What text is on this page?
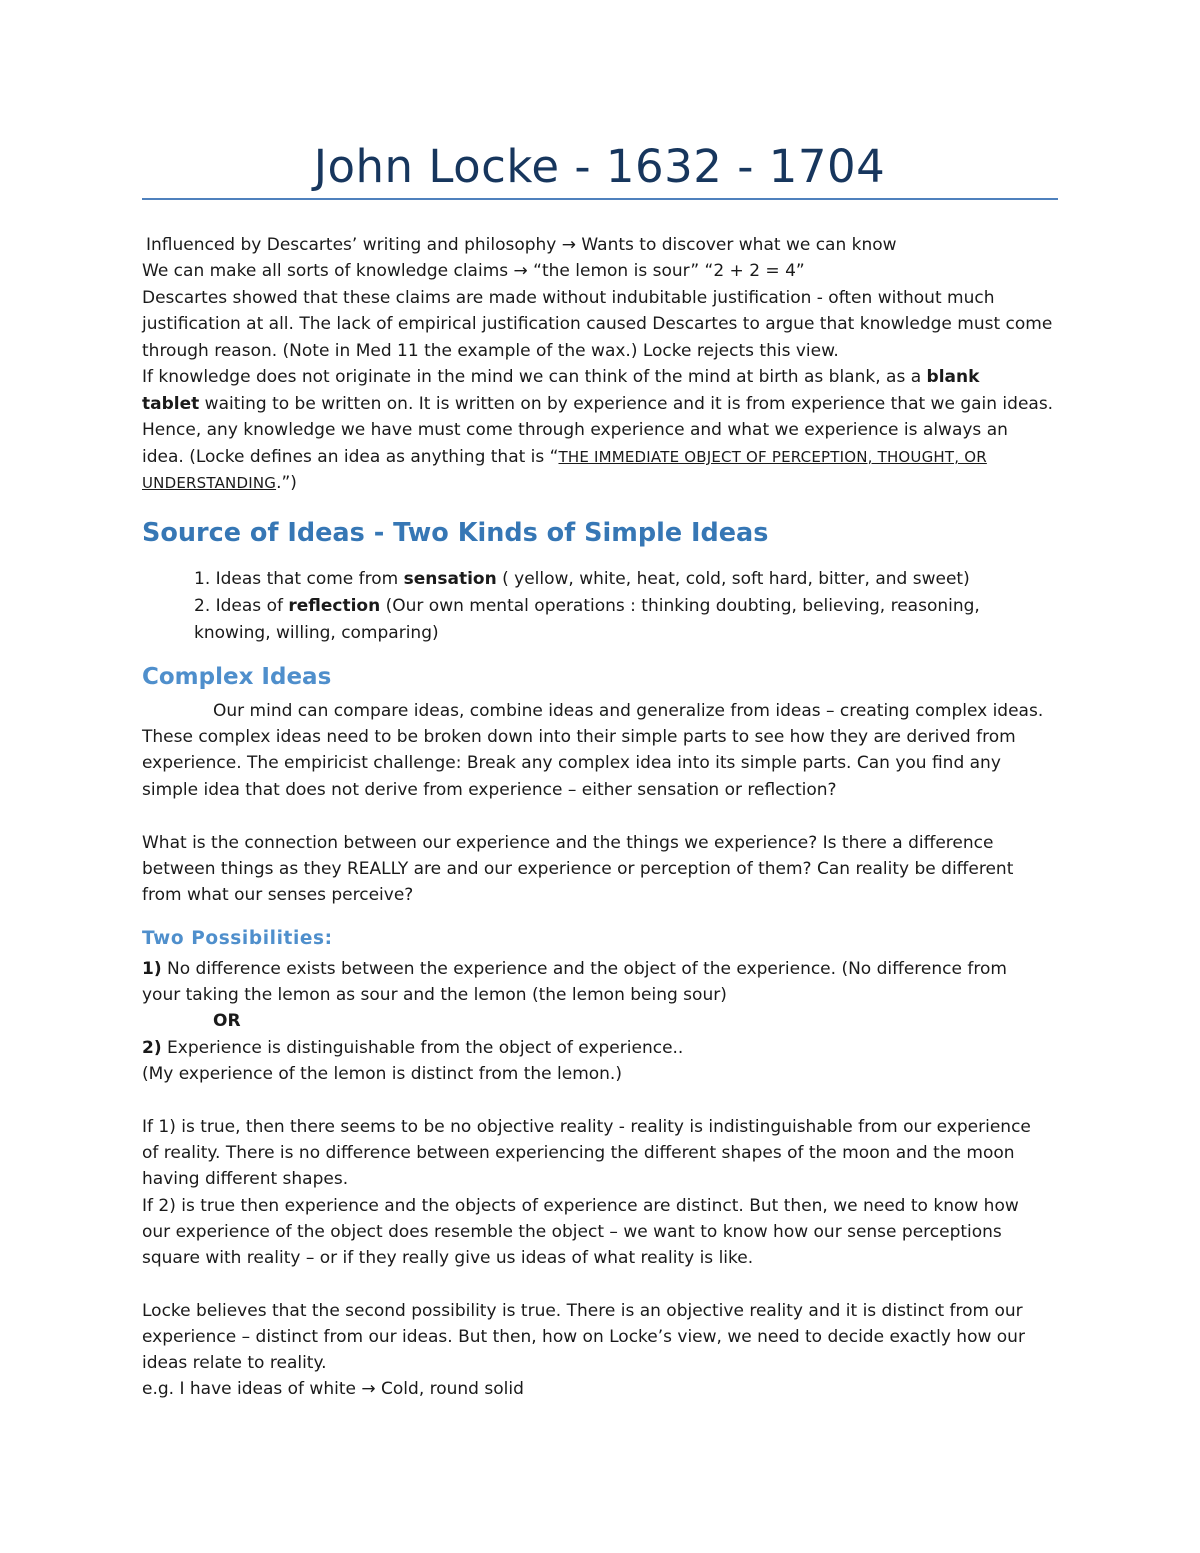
John Locke - 1632 - 1704
Influenced by Descartes’ writing and philosophy → Wants to discover what we can know
We can make all sorts of knowledge claims → “the lemon is sour” “2 + 2 = 4”
Descartes showed that these claims are made without indubitable justification - often without much
justification at all. The lack of empirical justification caused Descartes to argue that knowledge must come
through reason. (Note in Med 11 the example of the wax.) Locke rejects this view.
If knowledge does not originate in the mind we can think of the mind at birth as blank, as a blank
tablet waiting to be written on. It is written on by experience and it is from experience that we gain ideas.
Hence, any knowledge we have must come through experience and what we experience is always an
idea. (Locke defines an idea as anything that is “THE IMMEDIATE OBJECT OF PERCEPTION, THOUGHT, OR
UNDERSTANDING.”)
Source of Ideas - Two Kinds of Simple Ideas
1. Ideas that come from sensation ( yellow, white, heat, cold, soft hard, bitter, and sweet)
2. Ideas of reflection (Our own mental operations : thinking doubting, believing, reasoning,
knowing, willing, comparing)
Complex Ideas
Our mind can compare ideas, combine ideas and generalize from ideas – creating complex ideas.
These complex ideas need to be broken down into their simple parts to see how they are derived from
experience. The empiricist challenge: Break any complex idea into its simple parts. Can you find any
simple idea that does not derive from experience – either sensation or reflection?
What is the connection between our experience and the things we experience? Is there a difference
between things as they REALLY are and our experience or perception of them? Can reality be different
from what our senses perceive?
Two Possibilities:
1) No difference exists between the experience and the object of the experience. (No difference from
your taking the lemon as sour and the lemon (the lemon being sour)
OR
2) Experience is distinguishable from the object of experience..
(My experience of the lemon is distinct from the lemon.)
If 1) is true, then there seems to be no objective reality - reality is indistinguishable from our experience
of reality. There is no difference between experiencing the different shapes of the moon and the moon
having different shapes.
If 2) is true then experience and the objects of experience are distinct. But then, we need to know how
our experience of the object does resemble the object – we want to know how our sense perceptions
square with reality – or if they really give us ideas of what reality is like.
Locke believes that the second possibility is true. There is an objective reality and it is distinct from our
experience – distinct from our ideas. But then, how on Locke’s view, we need to decide exactly how our
ideas relate to reality.
e.g. I have ideas of white → Cold, round solid
